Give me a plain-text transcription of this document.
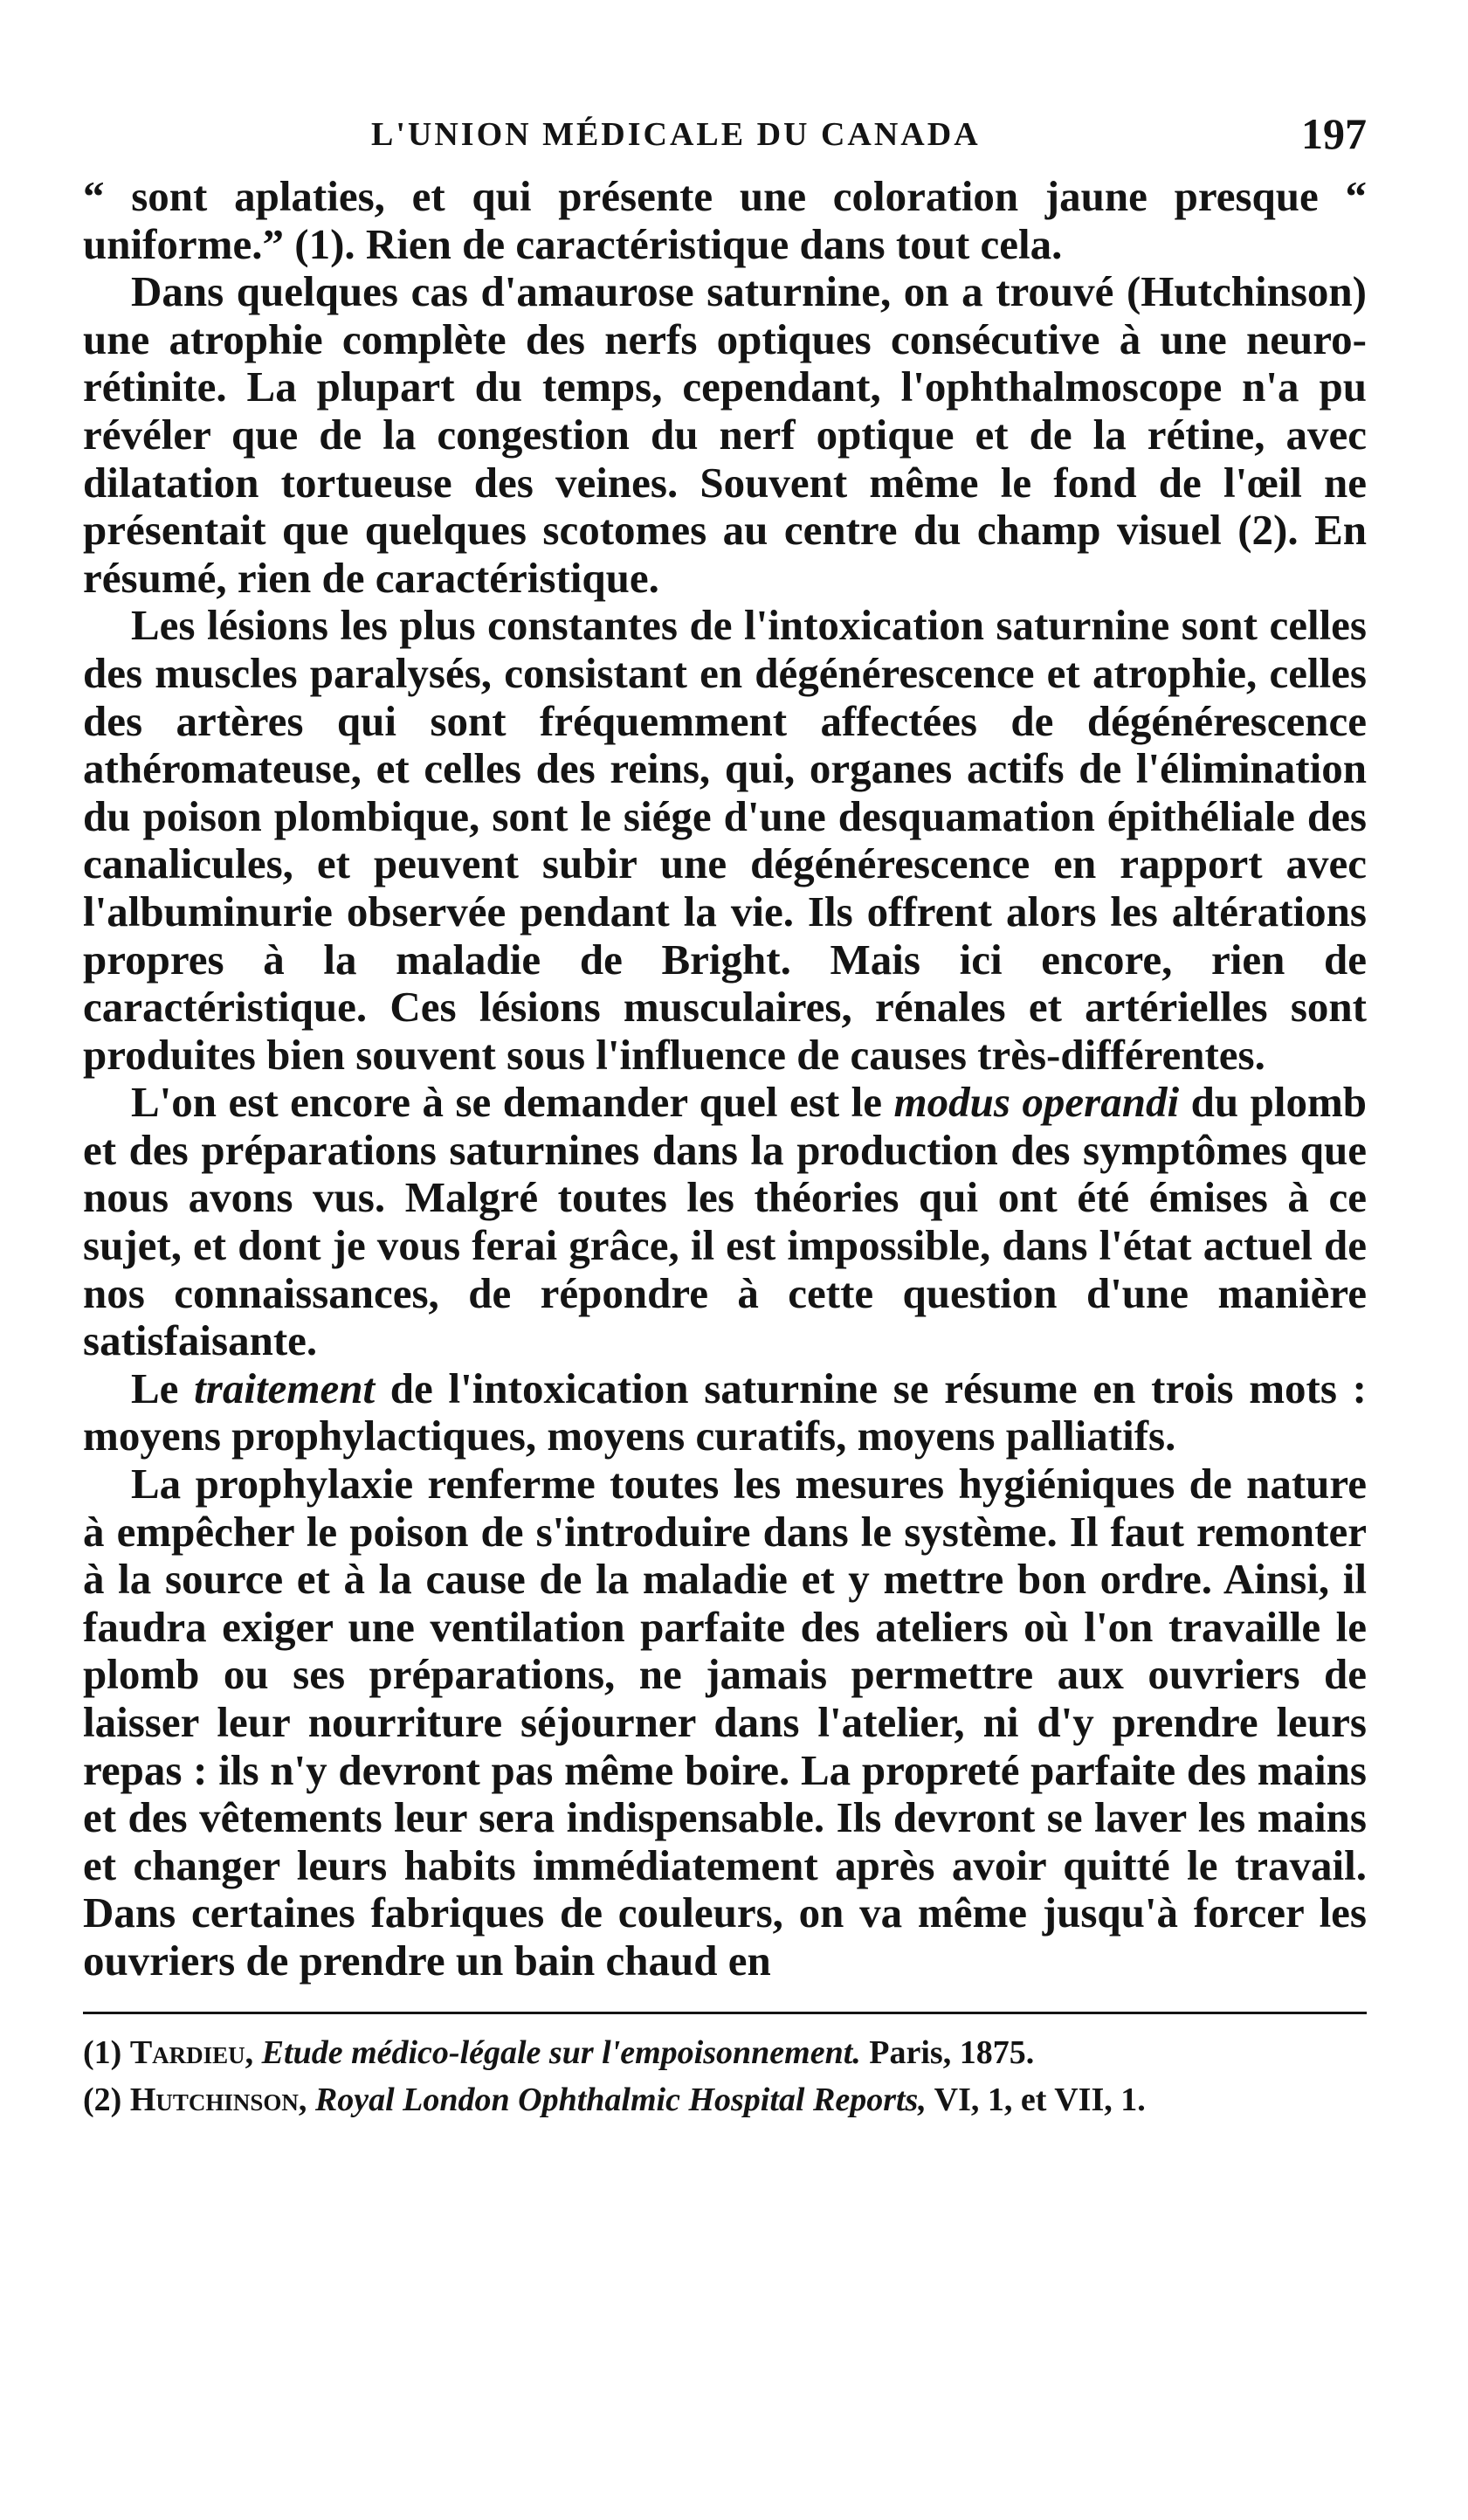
L'UNION MÉDICALE DU CANADA	197

“ sont aplaties, et qui présente une coloration jaune presque “ uniforme.” (1). Rien de caractéristique dans tout cela.

Dans quelques cas d'amaurose saturnine, on a trouvé (Hutchinson) une atrophie complète des nerfs optiques consécutive à une neuro-rétinite. La plupart du temps, cependant, l'ophthalmoscope n'a pu révéler que de la congestion du nerf optique et de la rétine, avec dilatation tortueuse des veines. Souvent même le fond de l'œil ne présentait que quelques scotomes au centre du champ visuel (2). En résumé, rien de caractéristique.

Les lésions les plus constantes de l'intoxication saturnine sont celles des muscles paralysés, consistant en dégénérescence et atrophie, celles des artères qui sont fréquemment affectées de dégénérescence athéromateuse, et celles des reins, qui, organes actifs de l'élimination du poison plombique, sont le siége d'une desquamation épithéliale des canalicules, et peuvent subir une dégénérescence en rapport avec l'albuminurie observée pendant la vie. Ils offrent alors les altérations propres à la maladie de Bright. Mais ici encore, rien de caractéristique. Ces lésions musculaires, rénales et artérielles sont produites bien souvent sous l'influence de causes très-différentes.

L'on est encore à se demander quel est le modus operandi du plomb et des préparations saturnines dans la production des symptômes que nous avons vus. Malgré toutes les théories qui ont été émises à ce sujet, et dont je vous ferai grâce, il est impossible, dans l'état actuel de nos connaissances, de répondre à cette question d'une manière satisfaisante.

Le traitement de l'intoxication saturnine se résume en trois mots : moyens prophylactiques, moyens curatifs, moyens palliatifs.

La prophylaxie renferme toutes les mesures hygiéniques de nature à empêcher le poison de s'introduire dans le système. Il faut remonter à la source et à la cause de la maladie et y mettre bon ordre. Ainsi, il faudra exiger une ventilation parfaite des ateliers où l'on travaille le plomb ou ses préparations, ne jamais permettre aux ouvriers de laisser leur nourriture séjourner dans l'atelier, ni d'y prendre leurs repas : ils n'y devront pas même boire. La propreté parfaite des mains et des vêtements leur sera indispensable. Ils devront se laver les mains et changer leurs habits immédiatement après avoir quitté le travail. Dans certaines fabriques de couleurs, on va même jusqu'à forcer les ouvriers de prendre un bain chaud en

(1) Tardieu, Etude médico-légale sur l'empoisonnement. Paris, 1875.

(2) Hutchinson, Royal London Ophthalmic Hospital Reports, VI, 1, et VII, 1.
